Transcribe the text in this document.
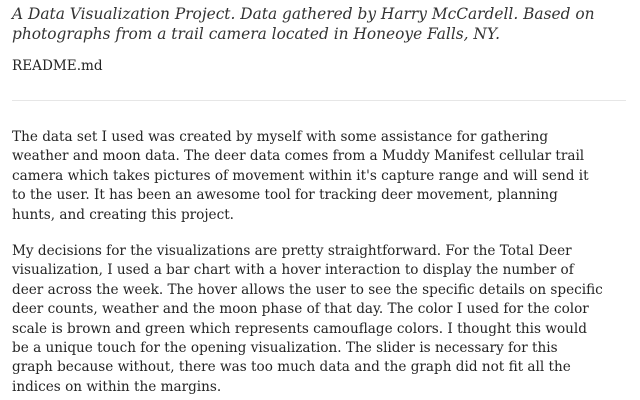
A Data Visualization Project. Data gathered by Harry McCardell. Based on
photographs from a trail camera located in Honeoye Falls, NY.

README.md

The data set I used was created by myself with some assistance for gathering
weather and moon data. The deer data comes from a Muddy Manifest cellular trail
camera which takes pictures of movement within it's capture range and will send it
to the user. It has been an awesome tool for tracking deer movement, planning
hunts, and creating this project.

My decisions for the visualizations are pretty straightforward. For the Total Deer
visualization, I used a bar chart with a hover interaction to display the number of
deer across the week. The hover allows the user to see the specific details on specific
deer counts, weather and the moon phase of that day. The color I used for the color
scale is brown and green which represents camouflage colors. I thought this would
be a unique touch for the opening visualization. The slider is necessary for this
graph because without, there was too much data and the graph did not fit all the
indices on within the margins.
